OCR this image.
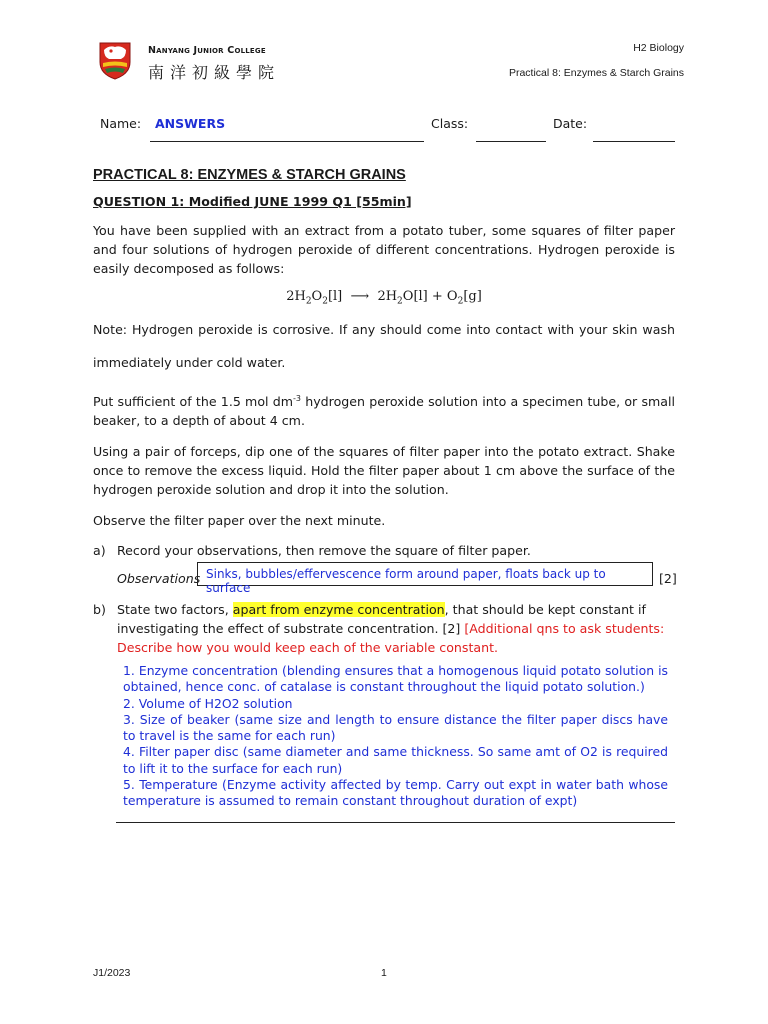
Nanyang Junior College
南洋初級學院
H2 Biology
Practical 8: Enzymes & Starch Grains
Name: ANSWERS	Class:	Date:
PRACTICAL 8: ENZYMES & STARCH GRAINS
QUESTION 1: Modified JUNE 1999 Q1 [55min]
You have been supplied with an extract from a potato tuber, some squares of filter paper and four solutions of hydrogen peroxide of different concentrations. Hydrogen peroxide is easily decomposed as follows:
$2H_2O_2[l]$ ⟶ $2H_2O[l] + O_2[g]$
Note: Hydrogen peroxide is corrosive. If any should come into contact with your skin wash
immediately under cold water.
Put sufficient of the 1.5 mol $dm^{-3}$ hydrogen peroxide solution into a specimen tube, or small beaker, to a depth of about 4 cm.
Using a pair of forceps, dip one of the squares of filter paper into the potato extract. Shake once to remove the excess liquid. Hold the filter paper about 1 cm above the surface of the hydrogen peroxide solution and drop it into the solution.
Observe the filter paper over the next minute.
a) Record your observations, then remove the square of filter paper.
Observations Sinks, bubbles/effervescence form around paper, floats back up to surface
[2]
b) State two factors, apart from enzyme concentration, that should be kept constant if investigating the effect of substrate concentration. [2] [Additional qns to ask students: Describe how you would keep each of the variable constant.
1. Enzyme concentration (blending ensures that a homogenous liquid potato solution is obtained, hence conc. of catalase is constant throughout the liquid potato solution.)
2. Volume of H2O2 solution
3. Size of beaker (same size and length to ensure distance the filter paper discs have to travel is the same for each run)
4. Filter paper disc (same diameter and same thickness. So same amt of O2 is required to lift it to the surface for each run)
5. Temperature (Enzyme activity affected by temp. Carry out expt in water bath whose temperature is assumed to remain constant throughout duration of expt)
J1/2023	1
